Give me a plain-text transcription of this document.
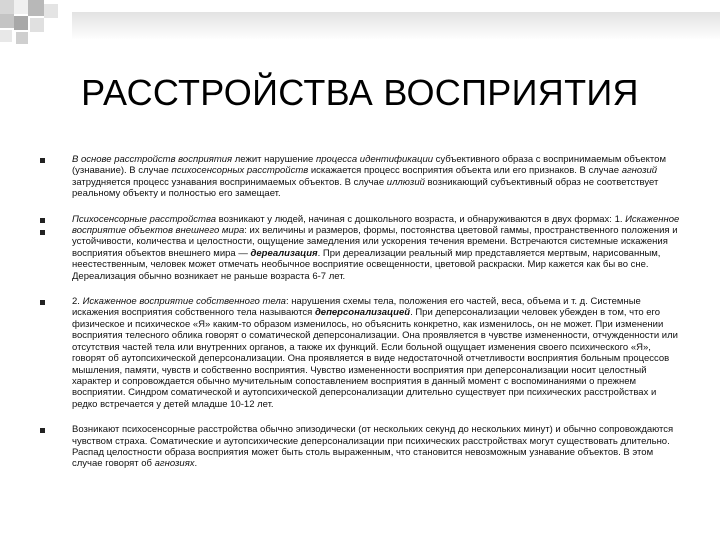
РАССТРОЙСТВА ВОСПРИЯТИЯ
В основе расстройств восприятия лежит нарушение процесса идентификации субъективного образа с воспринимаемым объектом (узнавание). В случае психосенсорных расстройств искажается процесс восприятия объекта или его признаков. В случае агнозий затрудняется процесс узнавания воспринимаемых объектов. В случае иллюзий возникающий субъективный образ не соответствует реальному объекту и полностью его замещает.
Психосенсорные расстройства возникают у людей, начиная с дошкольного возраста, и обнаруживаются в двух формах: 1. Искаженное восприятие объектов внешнего мира: их величины и размеров, формы, постоянства цветовой гаммы, пространственного положения и устойчивости, количества и целостности, ощущение замедления или ускорения течения времени. Встречаются системные искажения восприятия объектов внешнего мира — дереализация. При дереализации реальный мир представляется мертвым, нарисованным, неестественным, человек может отмечать необычное восприятие освещенности, цветовой раскраски. Мир кажется как бы во сне. Дереализация обычно возникает не раньше возраста 6-7 лет.
2. Искаженное восприятие собственного тела: нарушения схемы тела, положения его частей, веса, объема и т. д. Системные искажения восприятия собственного тела называются деперсонализацией. При деперсонализации человек убежден в том, что его физическое и психическое «Я» каким-то образом изменилось, но объяснить конкретно, как изменилось, он не может. При изменении восприятия телесного облика говорят о соматической деперсонализации. Она проявляется в чувстве измененности, отчужденности или отсутствия частей тела или внутренних органов, а также их функций. Если больной ощущает изменения своего психического «Я», говорят об аутопсихической деперсонализации. Она проявляется в виде недостаточной отчетливости восприятия больным процессов мышления, памяти, чувств и собственно восприятия. Чувство измененности восприятия при деперсонализации носит целостный характер и сопровождается обычно мучительным сопоставлением восприятия в данный момент с воспоминаниями о прежнем восприятии. Синдром соматической и аутопсихической деперсонализации длительно существует при психических расстройствах и редко встречается у детей младше 10-12 лет.
Возникают психосенсорные расстройства обычно эпизодически (от нескольких секунд до нескольких минут) и обычно сопровождаются чувством страха. Соматические и аутопсихические деперсонализации при психических расстройствах могут существовать длительно. Распад целостности образа восприятия может быть столь выраженным, что становится невозможным узнавание объектов. В этом случае говорят об агнозиях.
